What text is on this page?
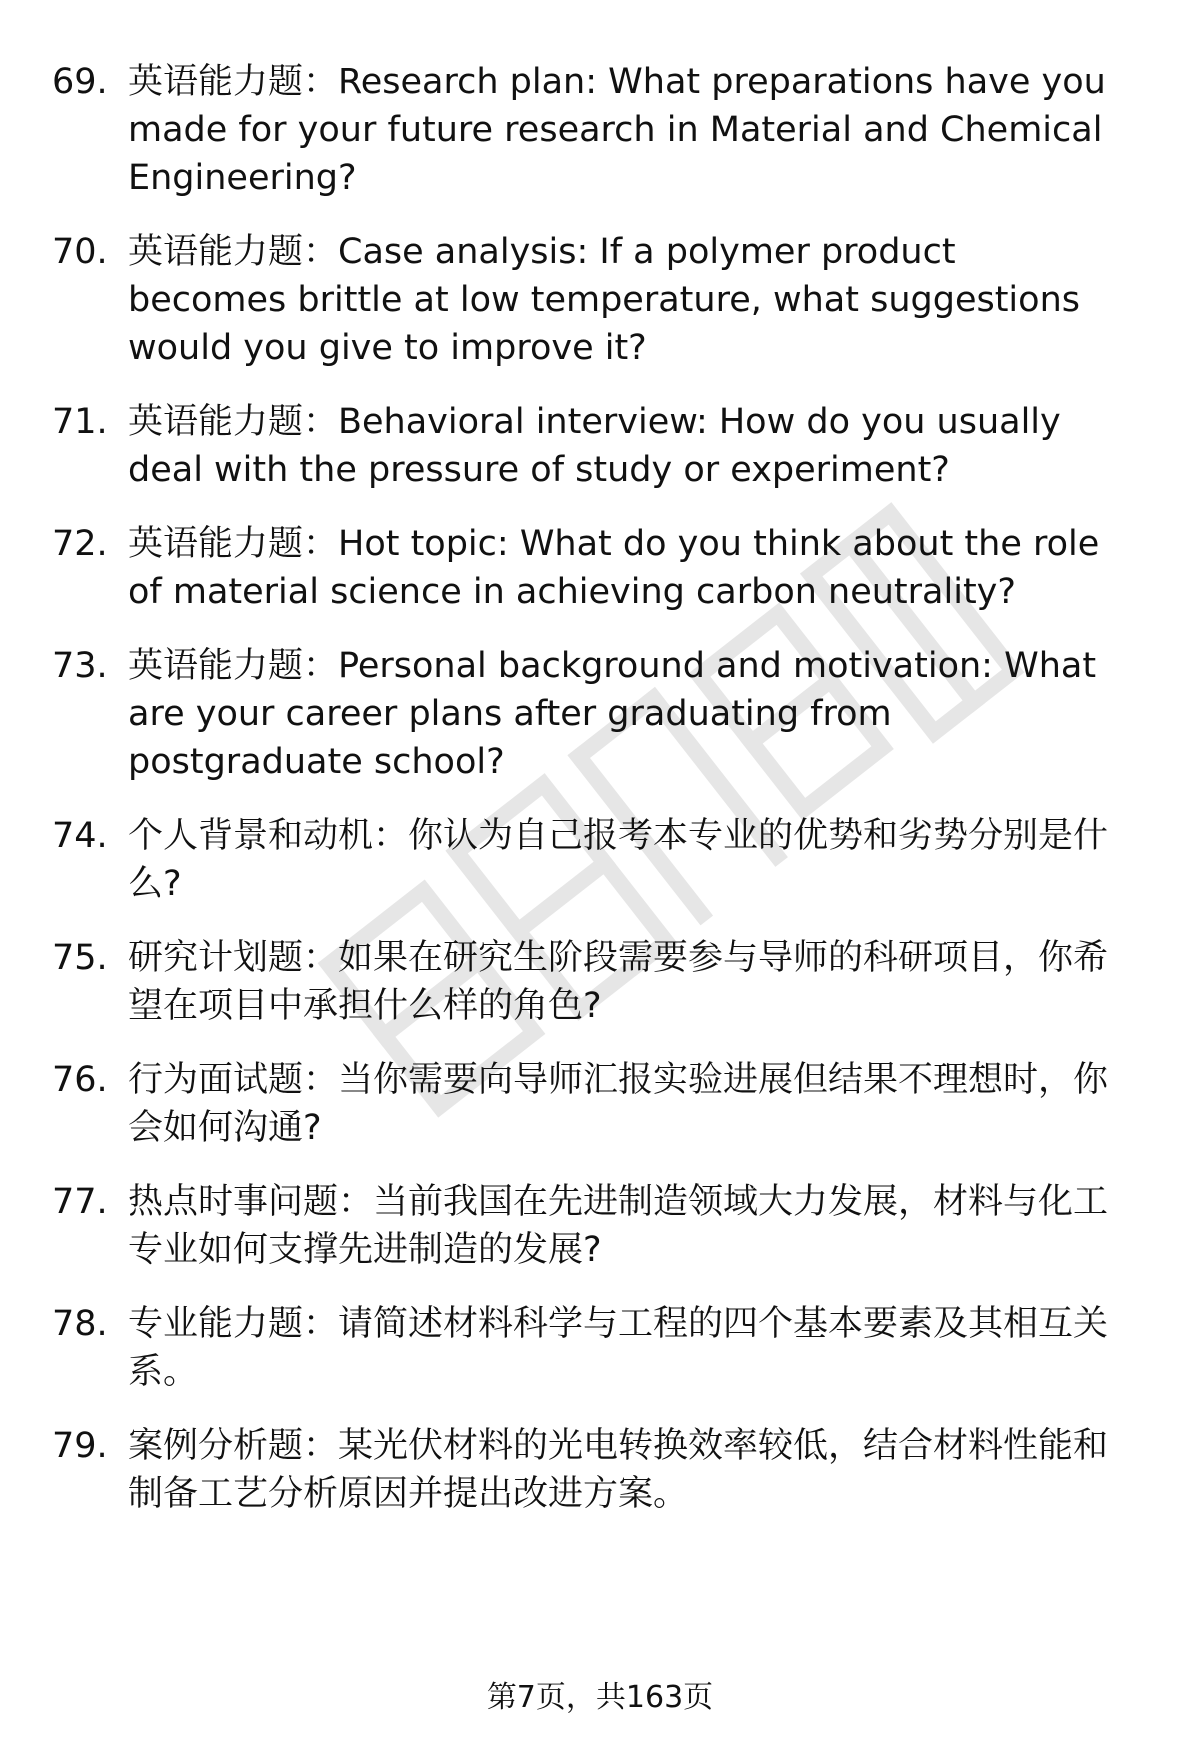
69. 英语能力题：Research plan: What preparations have you made for your future research in Material and Chemical Engineering?
70. 英语能力题：Case analysis: If a polymer product becomes brittle at low temperature, what suggestions would you give to improve it?
71. 英语能力题：Behavioral interview: How do you usually deal with the pressure of study or experiment?
72. 英语能力题：Hot topic: What do you think about the role of material science in achieving carbon neutrality?
73. 英语能力题：Personal background and motivation: What are your career plans after graduating from postgraduate school?
74. 个人背景和动机：你认为自己报考本专业的优势和劣势分别是什么?
75. 研究计划题：如果在研究生阶段需要参与导师的科研项目，你希望在项目中承担什么样的角色?
76. 行为面试题：当你需要向导师汇报实验进展但结果不理想时，你会如何沟通?
77. 热点时事问题：当前我国在先进制造领域大力发展，材料与化工专业如何支撑先进制造的发展?
78. 专业能力题：请简述材料科学与工程的四个基本要素及其相互关系。
79. 案例分析题：某光伏材料的光电转换效率较低，结合材料性能和制备工艺分析原因并提出改进方案。
第7页，共163页
